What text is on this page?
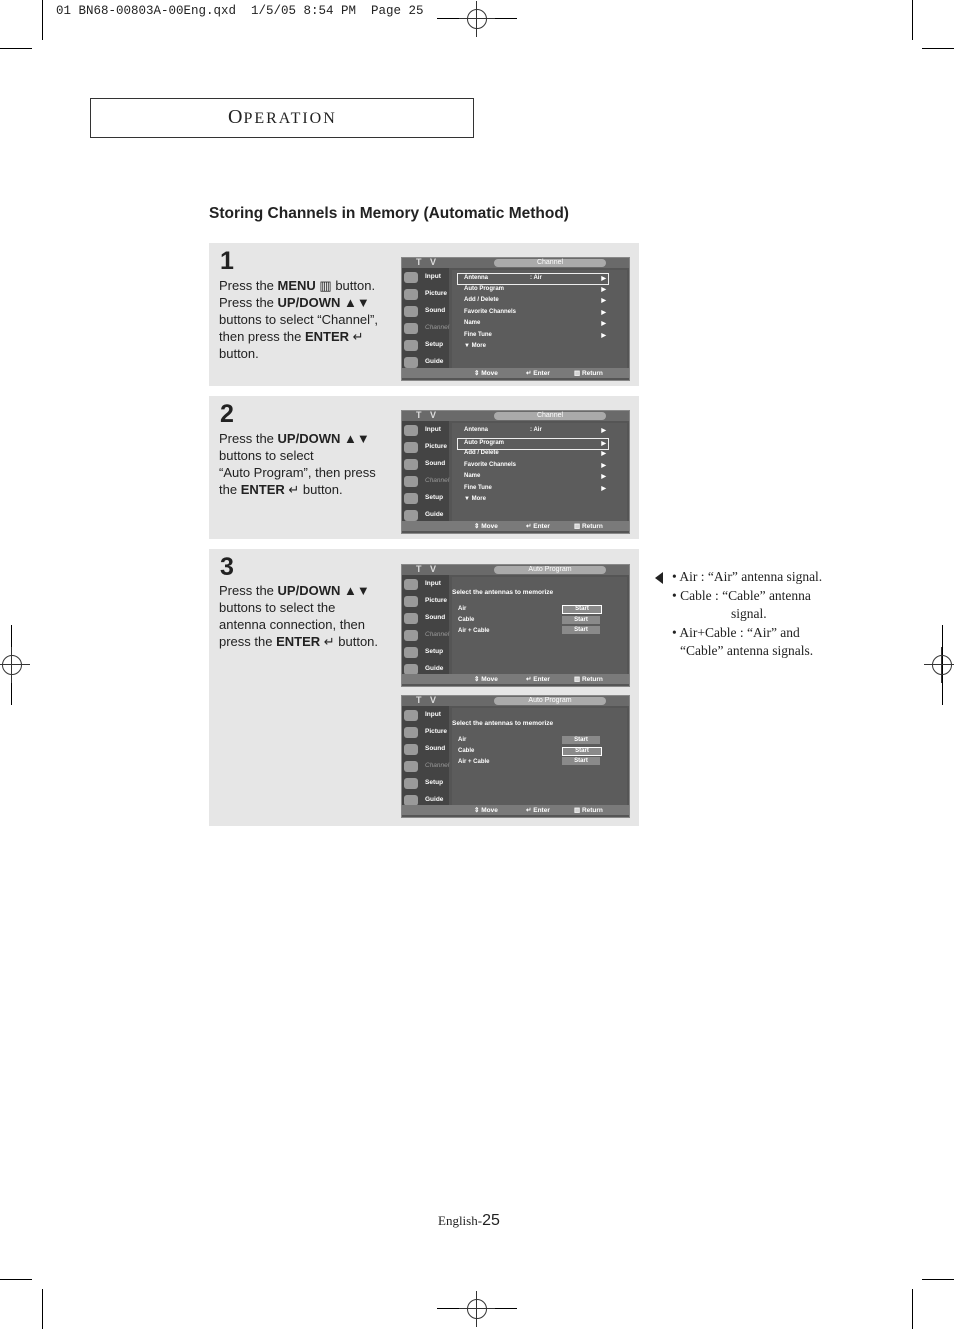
01 BN68-00803A-00Eng.qxd  1/5/05 8:54 PM  Page 25
OPERATION
Storing Channels in Memory (Automatic Method)
1
Press the MENU ▥ button.
Press the UP/DOWN ▲▼
buttons to select “Channel”,
then press the ENTER ↵
button.
2
Press the UP/DOWN ▲▼
buttons to select
“Auto Program”, then press
the ENTER ↵ button.
3
Press the UP/DOWN ▲▼
buttons to select the
antenna connection, then
press the ENTER ↵ button.
T V	Channel
Input
Picture
Sound
Channel
Setup
Guide
Antenna	: Air	▶
Auto Program	▶
Add / Delete	▶
Favorite Channels	▶
Name	▶
Fine Tune	▶
▼ More
⇕ Move	↵ Enter	▥ Return
T V	Channel
Input
Picture
Sound
Channel
Setup
Guide
Antenna	: Air	▶
Auto Program	▶
Add / Delete	▶
Favorite Channels	▶
Name	▶
Fine Tune	▶
▼ More
⇕ Move	↵ Enter	▥ Return
T V	Auto Program
Input
Picture
Sound
Channel
Setup
Guide
Select the antennas to memorize
Air	Start
Cable	Start
Air + Cable	Start
⇕ Move	↵ Enter	▥ Return
T V	Auto Program
Input
Picture
Sound
Channel
Setup
Guide
Select the antennas to memorize
Air	Start
Cable	Start
Air + Cable	Start
⇕ Move	↵ Enter	▥ Return
• Air : “Air” antenna signal.
• Cable : “Cable” antenna
signal.
• Air+Cable : “Air” and
“Cable” antenna signals.
English-25
